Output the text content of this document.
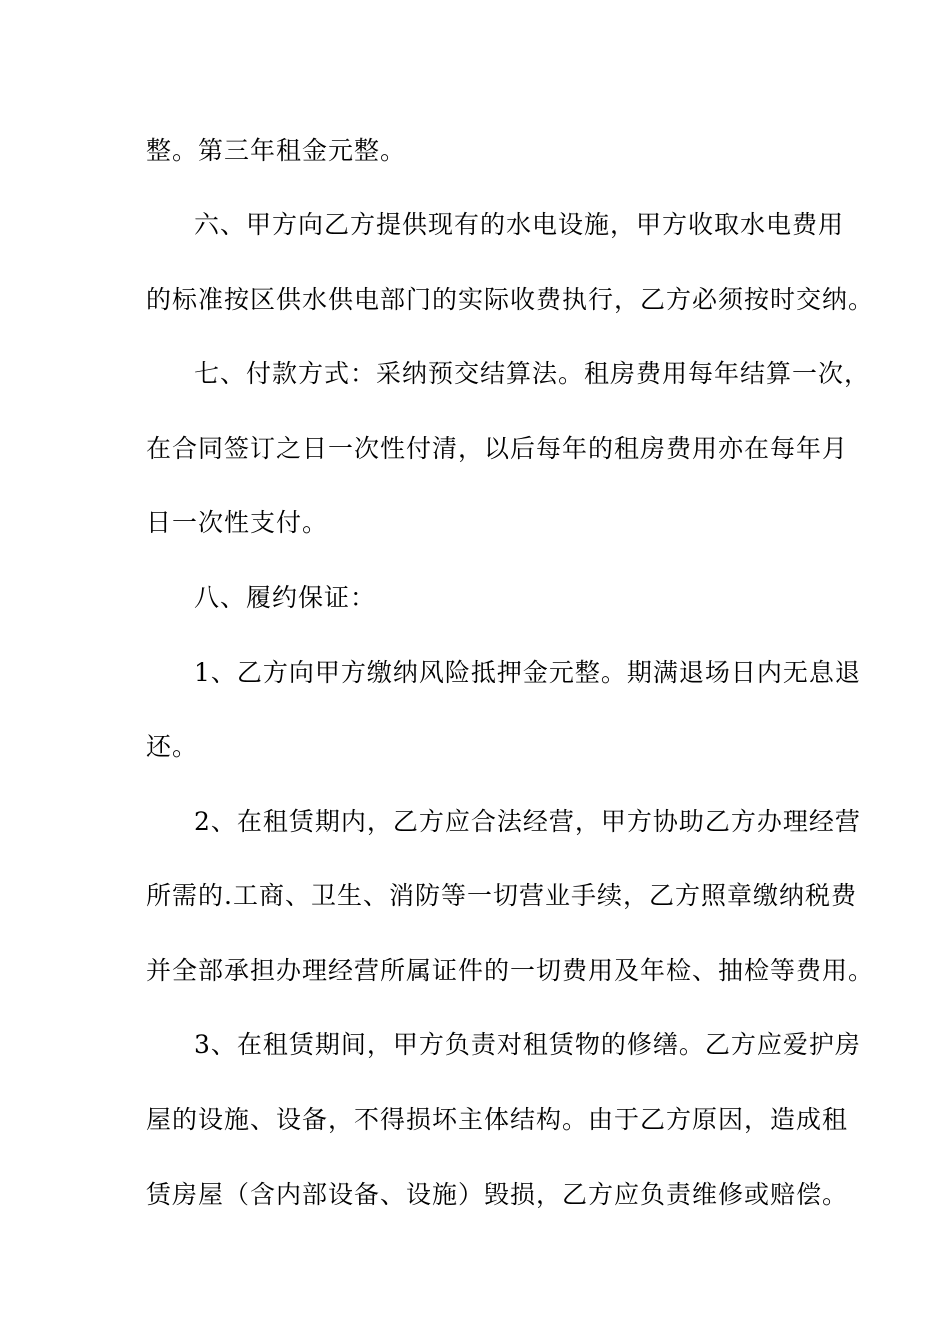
整。第三年租金元整。
六、甲方向乙方提供现有的水电设施，甲方收取水电费用
的标准按区供水供电部门的实际收费执行，乙方必须按时交纳。
七、付款方式：采纳预交结算法。租房费用每年结算一次，
在合同签订之日一次性付清，以后每年的租房费用亦在每年月
日一次性支付。
八、履约保证：
1、乙方向甲方缴纳风险抵押金元整。期满退场日内无息退
还。
2、在租赁期内，乙方应合法经营，甲方协助乙方办理经营
所需的.工商、卫生、消防等一切营业手续，乙方照章缴纳税费
并全部承担办理经营所属证件的一切费用及年检、抽检等费用。
3、在租赁期间，甲方负责对租赁物的修缮。乙方应爱护房
屋的设施、设备，不得损坏主体结构。由于乙方原因，造成租
赁房屋（含内部设备、设施）毁损，乙方应负责维修或赔偿。
